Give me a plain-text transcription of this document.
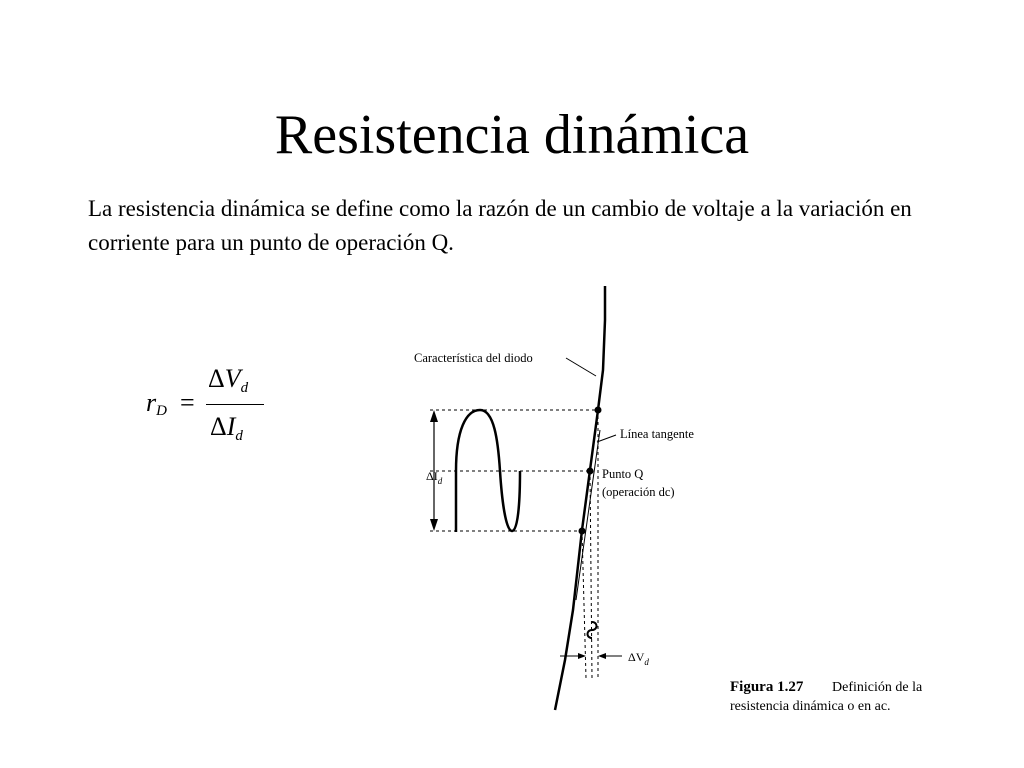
Resistencia dinámica
La resistencia dinámica se define como la razón de un cambio de voltaje a la variación en corriente para un punto de operación Q.
$r_D$ =
$\Delta V_d$
$\Delta I_d$
Característica del diodo
Línea tangente
Punto Q
(operación dc)
$\Delta I_d$
$\Delta V_d$
Figura 1.27 Definición de la
resistencia dinámica o en ac.
